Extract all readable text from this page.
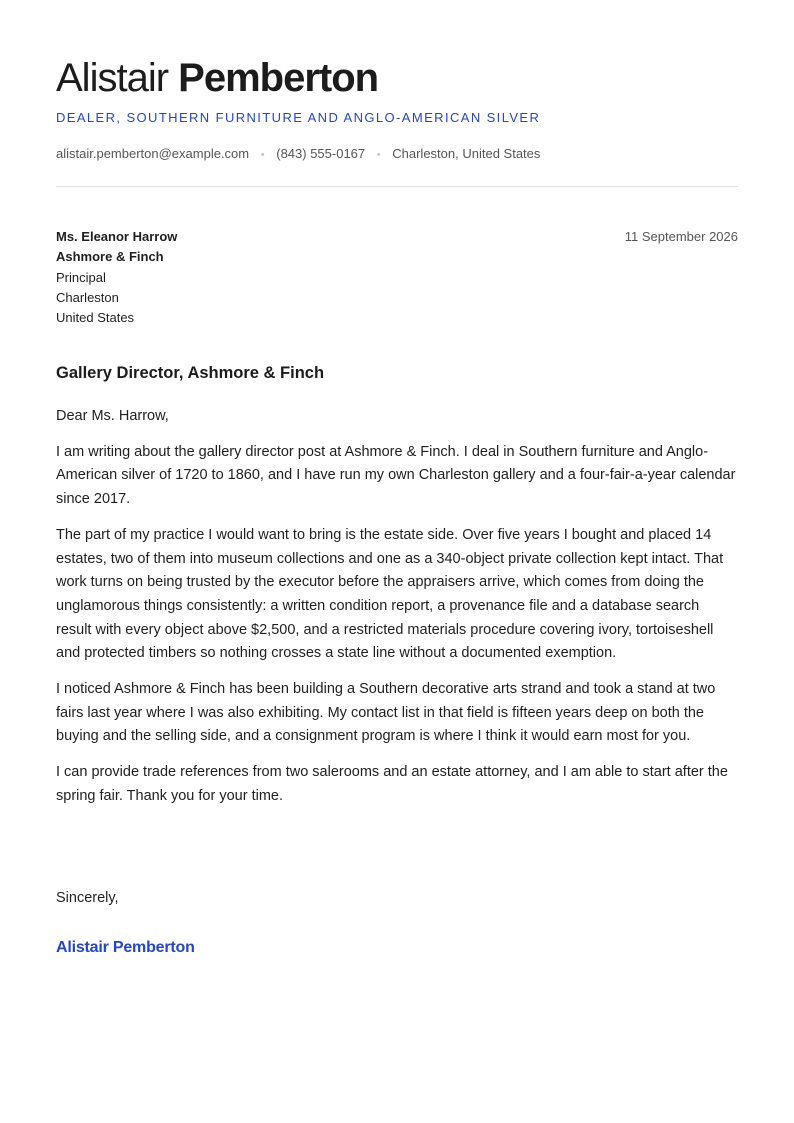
Alistair Pemberton
DEALER, SOUTHERN FURNITURE AND ANGLO-AMERICAN SILVER
alistair.pemberton@example.com • (843) 555-0167 • Charleston, United States
Ms. Eleanor Harrow
Ashmore & Finch
Principal
Charleston
United States
11 September 2026
Gallery Director, Ashmore & Finch

Dear Ms. Harrow,

I am writing about the gallery director post at Ashmore & Finch. I deal in Southern furniture and Anglo-American silver of 1720 to 1860, and I have run my own Charleston gallery and a four-fair-a-year calendar since 2017.

The part of my practice I would want to bring is the estate side. Over five years I bought and placed 14 estates, two of them into museum collections and one as a 340-object private collection kept intact. That work turns on being trusted by the executor before the appraisers arrive, which comes from doing the unglamorous things consistently: a written condition report, a provenance file and a database search result with every object above $2,500, and a restricted materials procedure covering ivory, tortoiseshell and protected timbers so nothing crosses a state line without a documented exemption.

I noticed Ashmore & Finch has been building a Southern decorative arts strand and took a stand at two fairs last year where I was also exhibiting. My contact list in that field is fifteen years deep on both the buying and the selling side, and a consignment program is where I think it would earn most for you.

I can provide trade references from two salerooms and an estate attorney, and I am able to start after the spring fair. Thank you for your time.

Sincerely,
Alistair Pemberton
